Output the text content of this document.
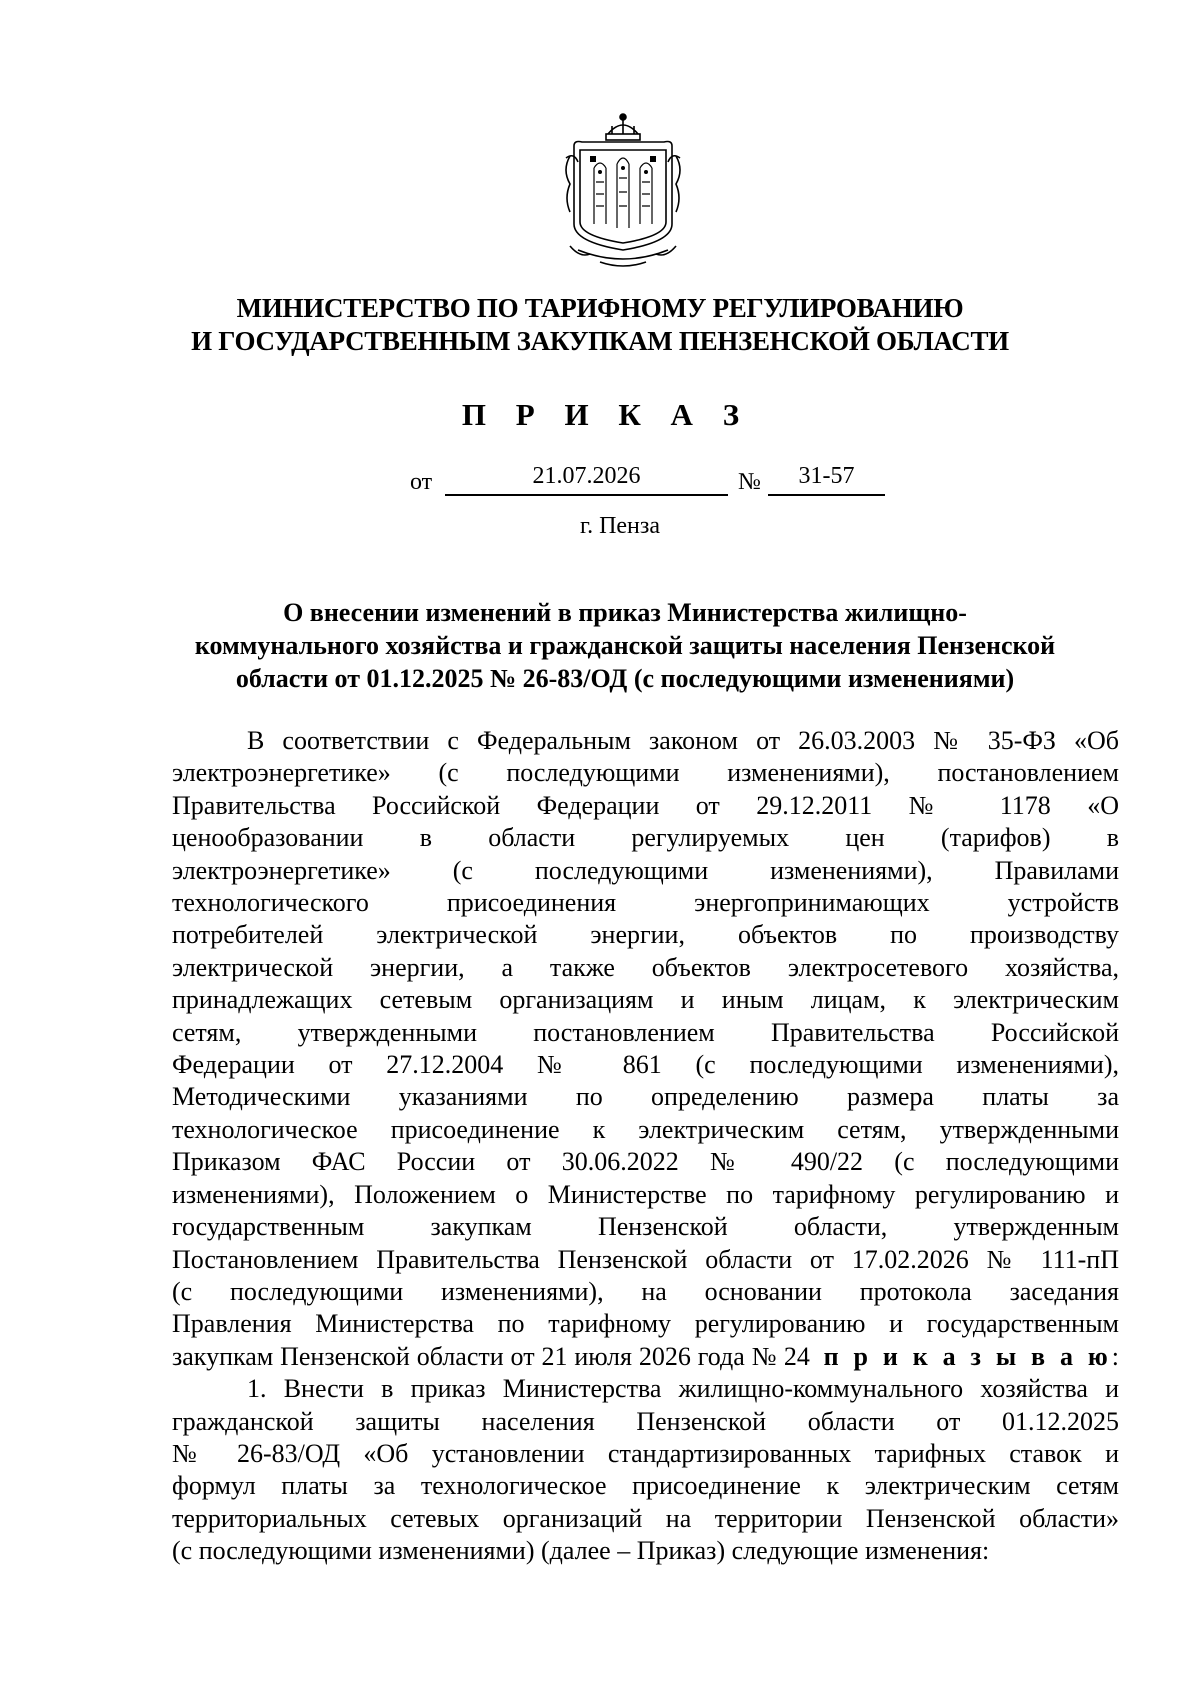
МИНИСТЕРСТВО ПО ТАРИФНОМУ РЕГУЛИРОВАНИЮ
И ГОСУДАРСТВЕННЫМ ЗАКУПКАМ ПЕНЗЕНСКОЙ ОБЛАСТИ
П Р И К А З
от	21.07.2026	№	31-57
г. Пенза
О внесении изменений в приказ Министерства жилищно-
коммунального хозяйства и гражданской защиты населения Пензенской
области от 01.12.2025 № 26-83/ОД (с последующими изменениями)
В соответствии с Федеральным законом от 26.03.2003 № 35-ФЗ «Об
электроэнергетике» (с последующими изменениями), постановлением
Правительства Российской Федерации от 29.12.2011 № 1178 «О
ценообразовании в области регулируемых цен (тарифов) в
электроэнергетике» (с последующими изменениями), Правилами
технологического присоединения энергопринимающих устройств
потребителей электрической энергии, объектов по производству
электрической энергии, а также объектов электросетевого хозяйства,
принадлежащих сетевым организациям и иным лицам, к электрическим
сетям, утвержденными постановлением Правительства Российской
Федерации от 27.12.2004 № 861 (с последующими изменениями),
Методическими указаниями по определению размера платы за
технологическое присоединение к электрическим сетям, утвержденными
Приказом ФАС России от 30.06.2022 № 490/22 (с последующими
изменениями), Положением о Министерстве по тарифному регулированию и
государственным закупкам Пензенской области, утвержденным
Постановлением Правительства Пензенской области от 17.02.2026 № 111-пП
(с последующими изменениями), на основании протокола заседания
Правления Министерства по тарифному регулированию и государственным
закупкам Пензенской области от 21 июля 2026 года № 24 п р и к а з ы в а ю:
1. Внести в приказ Министерства жилищно-коммунального хозяйства и
гражданской защиты населения Пензенской области от 01.12.2025
№ 26-83/ОД «Об установлении стандартизированных тарифных ставок и
формул платы за технологическое присоединение к электрическим сетям
территориальных сетевых организаций на территории Пензенской области»
(с последующими изменениями) (далее – Приказ) следующие изменения:
